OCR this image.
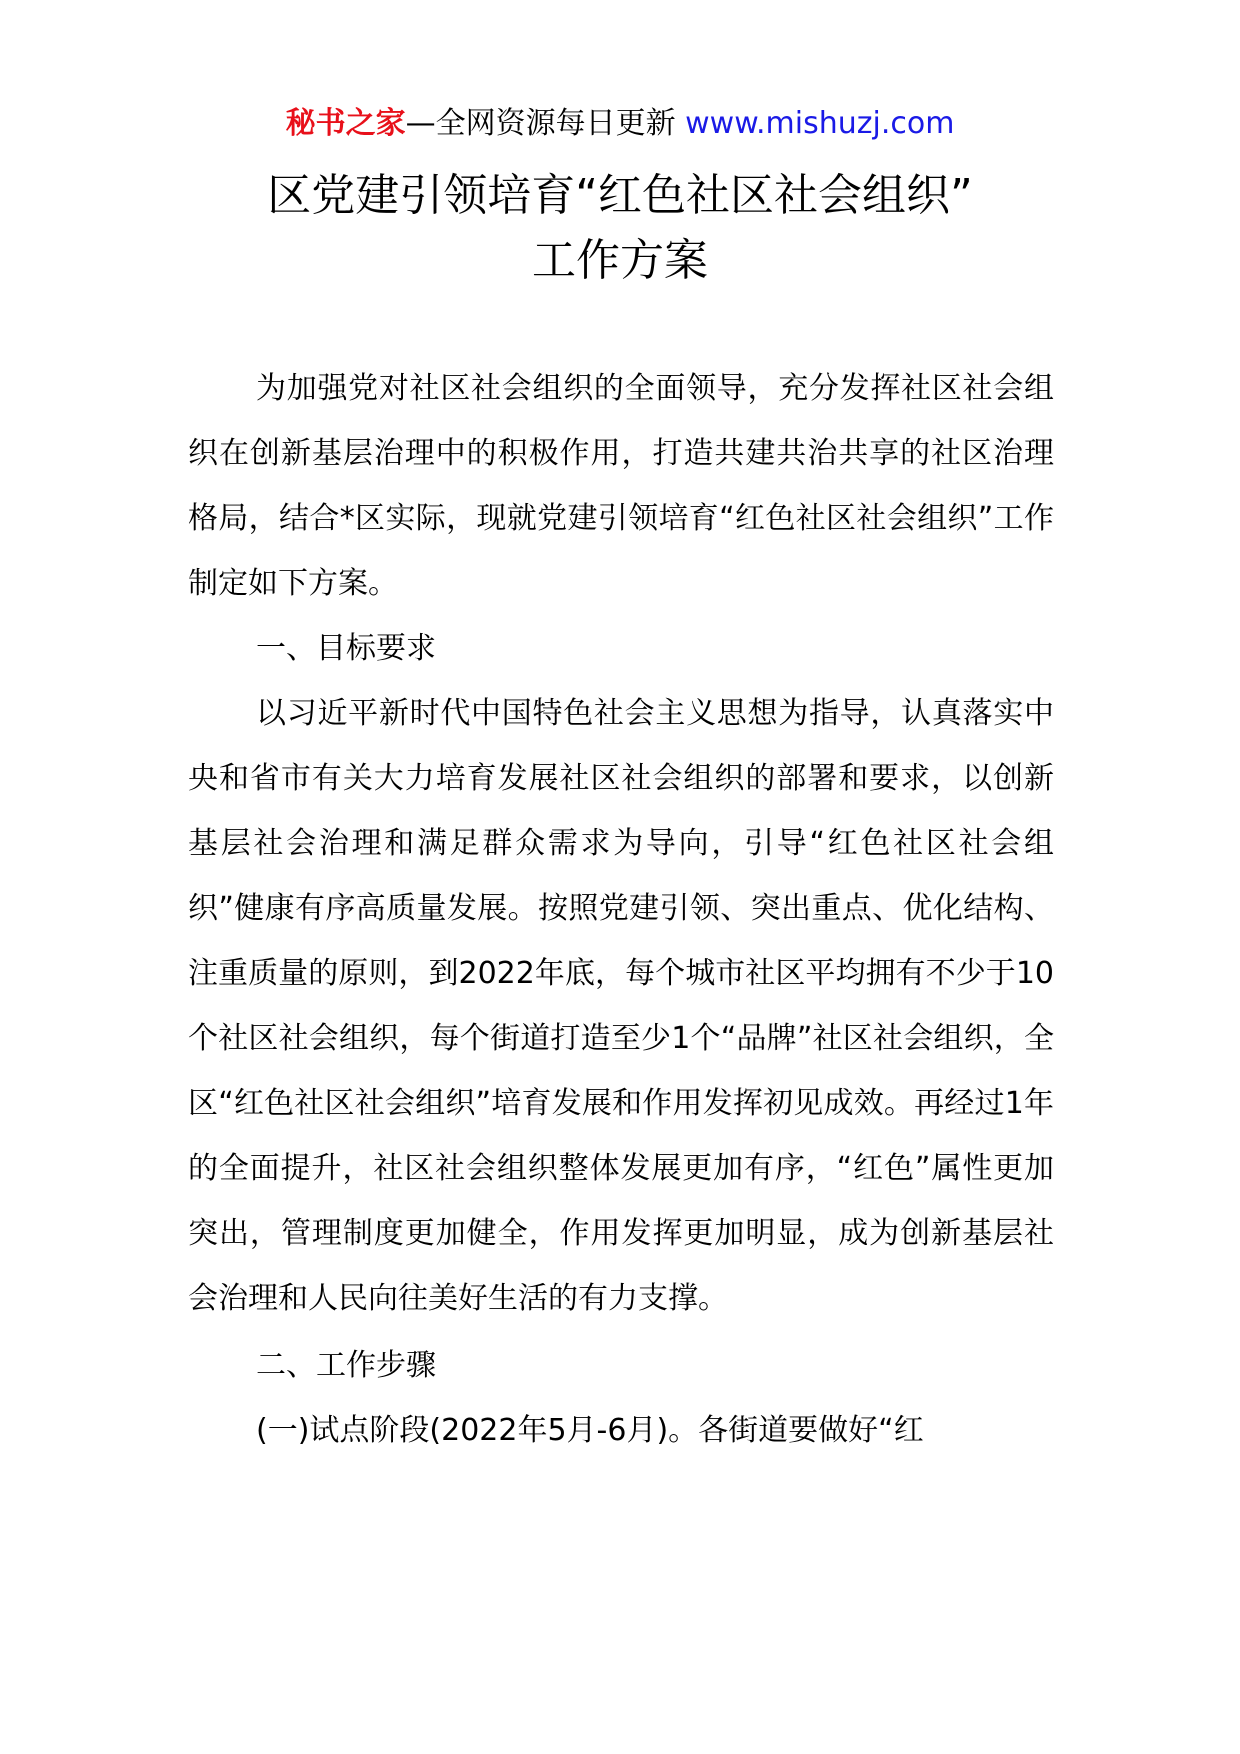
秘书之家—全网资源每日更新 www.mishuzj.com
区党建引领培育“红色社区社会组织”
工作方案

为加强党对社区社会组织的全面领导，充分发挥社区社会组织在创新基层治理中的积极作用，打造共建共治共享的社区治理格局，结合*区实际，现就党建引领培育“红色社区社会组织”工作制定如下方案。

一、目标要求

以习近平新时代中国特色社会主义思想为指导，认真落实中央和省市有关大力培育发展社区社会组织的部署和要求，以创新基层社会治理和满足群众需求为导向，引导“红色社区社会组织”健康有序高质量发展。按照党建引领、突出重点、优化结构、注重质量的原则，到2022年底，每个城市社区平均拥有不少于10个社区社会组织，每个街道打造至少1个“品牌”社区社会组织，全区“红色社区社会组织”培育发展和作用发挥初见成效。再经过1年的全面提升，社区社会组织整体发展更加有序，“红色”属性更加突出，管理制度更加健全，作用发挥更加明显，成为创新基层社会治理和人民向往美好生活的有力支撑。

二、工作步骤

(一)试点阶段(2022年5月-6月)。各街道要做好“红
